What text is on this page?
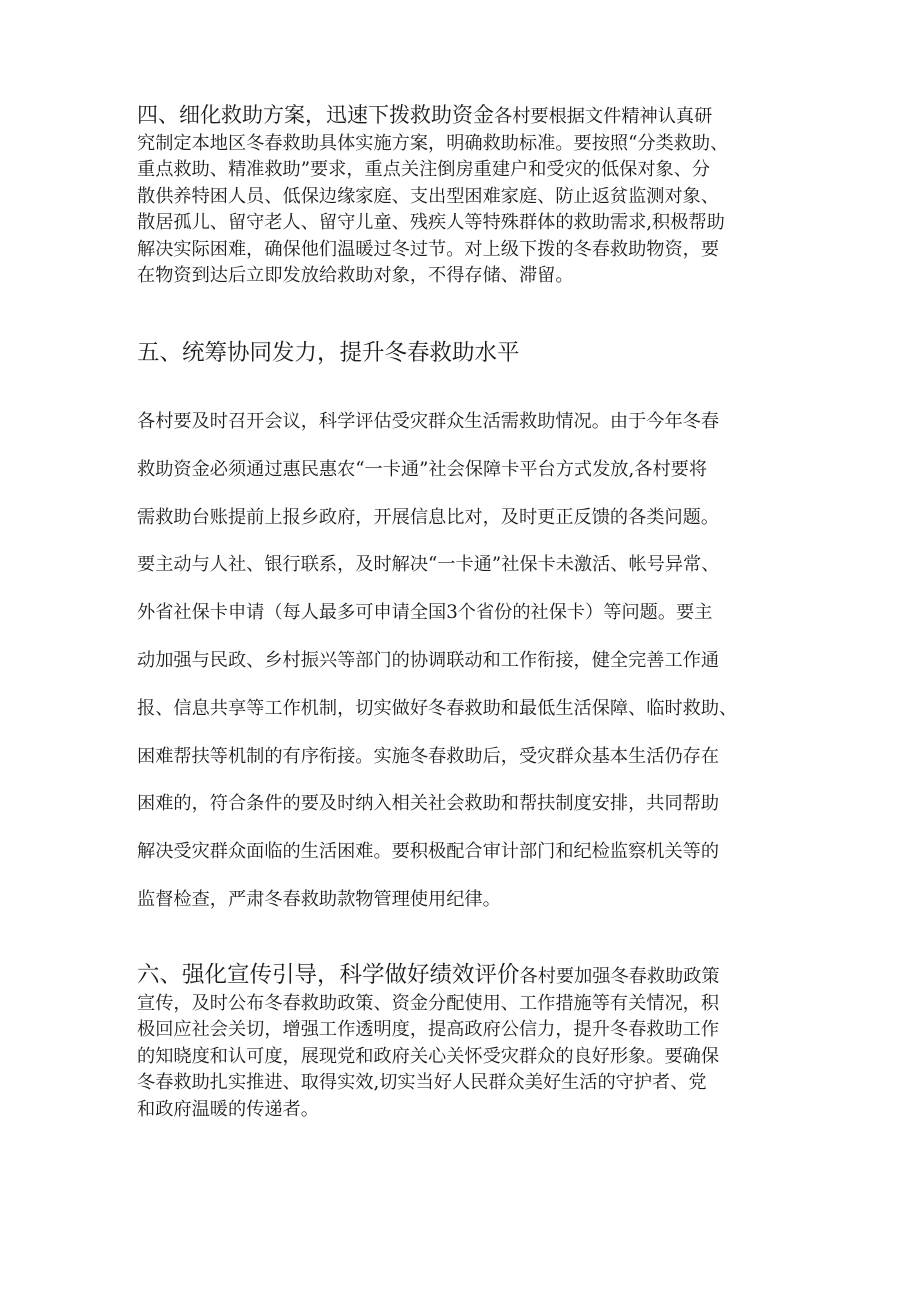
四、细化救助方案，迅速下拨救助资金各村要根据文件精神认真研
究制定本地区冬春救助具体实施方案，明确救助标准。要按照“分类救助、
重点救助、精准救助”要求，重点关注倒房重建户和受灾的低保对象、分
散供养特困人员、低保边缘家庭、支出型困难家庭、防止返贫监测对象、
散居孤儿、留守老人、留守儿童、残疾人等特殊群体的救助需求,积极帮助
解决实际困难，确保他们温暖过冬过节。对上级下拨的冬春救助物资，要
在物资到达后立即发放给救助对象，不得存储、滞留。
五、统筹协同发力，提升冬春救助水平
各村要及时召开会议，科学评估受灾群众生活需救助情况。由于今年冬春
救助资金必须通过惠民惠农“一卡通”社会保障卡平台方式发放,各村要将
需救助台账提前上报乡政府，开展信息比对，及时更正反馈的各类问题。
要主动与人社、银行联系，及时解决“一卡通”社保卡未激活、帐号异常、
外省社保卡申请（每人最多可申请全国3个省份的社保卡）等问题。要主
动加强与民政、乡村振兴等部门的协调联动和工作衔接，健全完善工作通
报、信息共享等工作机制，切实做好冬春救助和最低生活保障、临时救助、
困难帮扶等机制的有序衔接。实施冬春救助后，受灾群众基本生活仍存在
困难的，符合条件的要及时纳入相关社会救助和帮扶制度安排，共同帮助
解决受灾群众面临的生活困难。要积极配合审计部门和纪检监察机关等的
监督检查，严肃冬春救助款物管理使用纪律。
六、强化宣传引导，科学做好绩效评价各村要加强冬春救助政策
宣传，及时公布冬春救助政策、资金分配使用、工作措施等有关情况，积
极回应社会关切，增强工作透明度，提高政府公信力，提升冬春救助工作
的知晓度和认可度，展现党和政府关心关怀受灾群众的良好形象。要确保
冬春救助扎实推进、取得实效,切实当好人民群众美好生活的守护者、党
和政府温暖的传递者。
